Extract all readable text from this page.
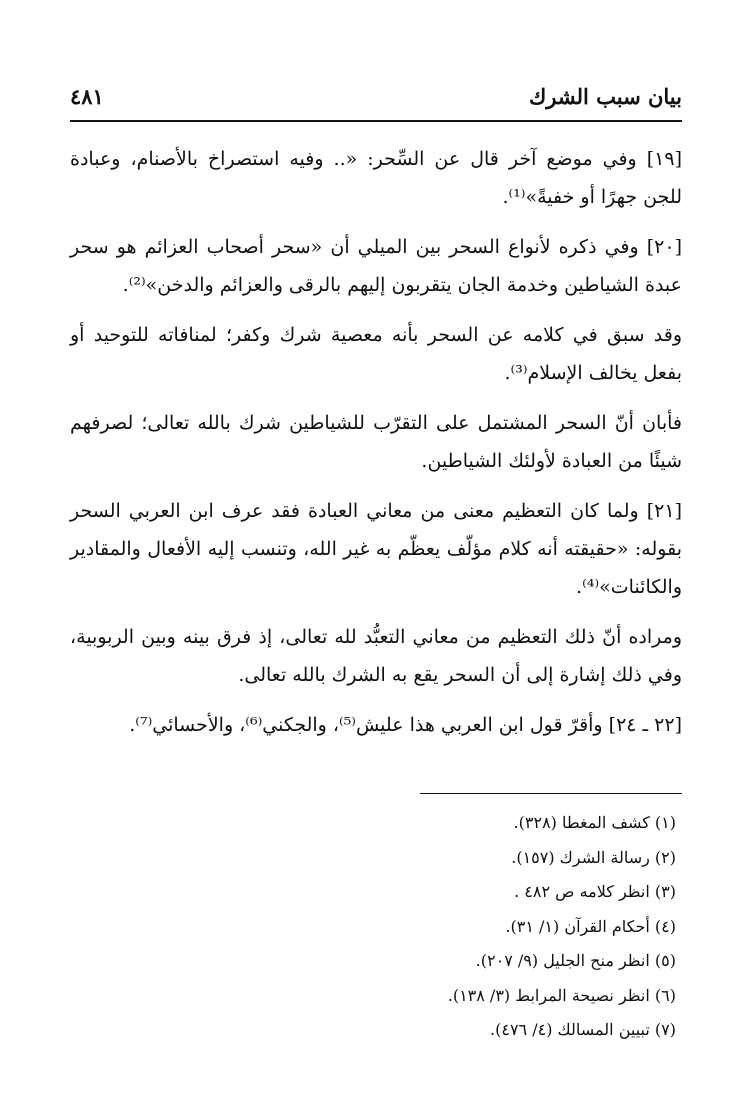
بيان سبب الشرك
٤٨١

[١٩] وفي موضع آخر قال عن السِّحر: «.. وفيه استصراخ بالأصنام، وعبادة للجن جهرًا أو خفيةً»⁽¹⁾.

[٢٠] وفي ذكره لأنواع السحر بين الميلي أن «سحر أصحاب العزائم هو سحر عبدة الشياطين وخدمة الجان يتقربون إليهم بالرقى والعزائم والدخن»⁽²⁾.

وقد سبق في كلامه عن السحر بأنه معصية شرك وكفر؛ لمنافاته للتوحيد أو بفعل يخالف الإسلام⁽³⁾.

فأبان أنّ السحر المشتمل على التقرّب للشياطين شرك بالله تعالى؛ لصرفهم شيئًا من العبادة لأولئك الشياطين.

[٢١] ولما كان التعظيم معنى من معاني العبادة فقد عرف ابن العربي السحر بقوله: «حقيقته أنه كلام مؤلّف يعظّم به غير الله، وتنسب إليه الأفعال والمقادير والكائنات»⁽⁴⁾.

ومراده أنّ ذلك التعظيم من معاني التعبُّد لله تعالى، إذ فرق بينه وبين الربوبية، وفي ذلك إشارة إلى أن السحر يقع به الشرك بالله تعالى.

[٢٢ ـ ٢٤] وأقرّ قول ابن العربي هذا عليش⁽⁵⁾، والجكني⁽⁶⁾، والأحسائي⁽⁷⁾.

(١) كشف المغطا (٣٢٨).

(٢) رسالة الشرك (١٥٧).

(٣) انظر كلامه ص ٤٨٢ .

(٤) أحكام القرآن (١/ ٣١).

(٥) انظر منح الجليل (٩/ ٢٠٧).

(٦) انظر نصيحة المرابط (٣/ ١٣٨).

(٧) تبيين المسالك (٤/ ٤٧٦).
